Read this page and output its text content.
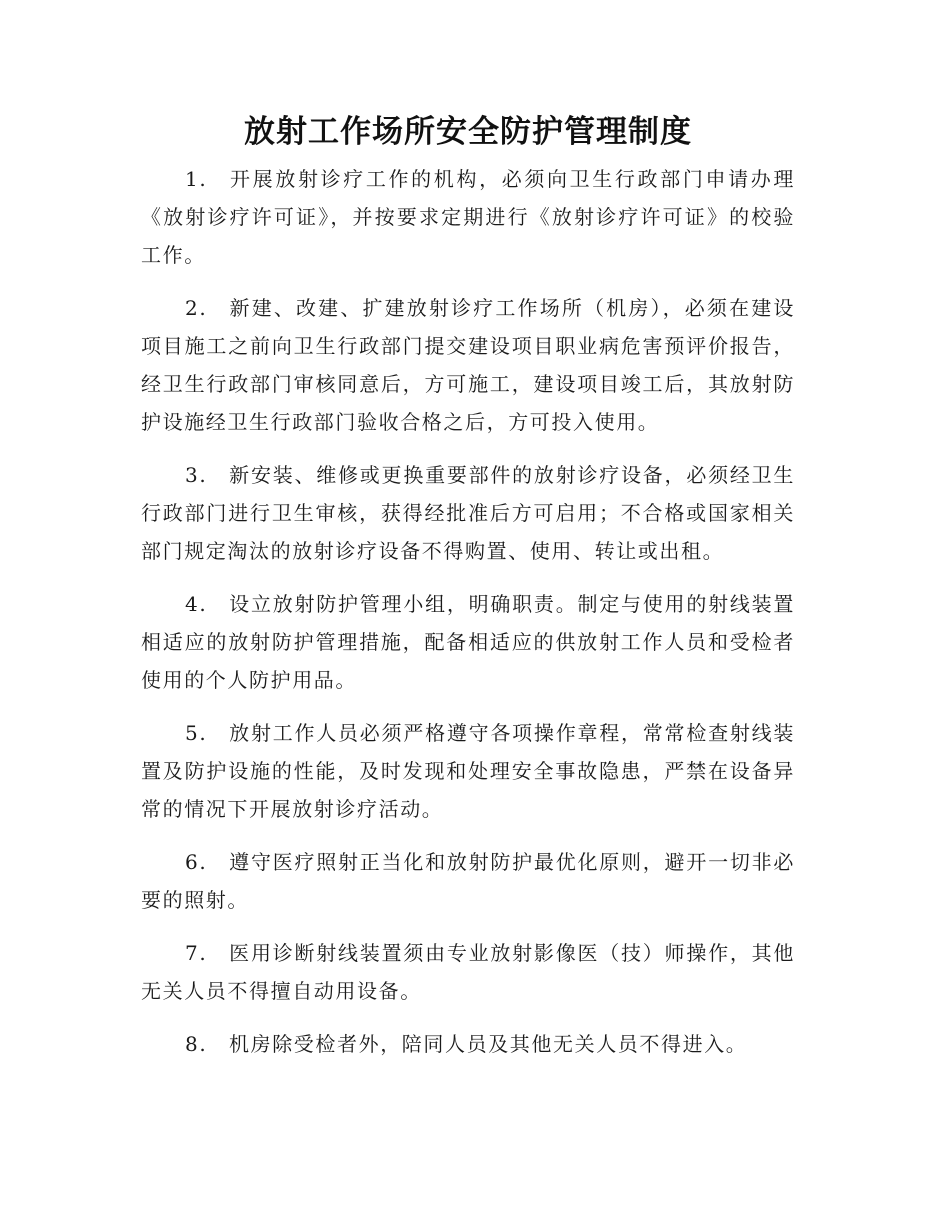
放射工作场所安全防护管理制度

1. 开展放射诊疗工作的机构，必须向卫生行政部门申请办理《放射诊疗许可证》，并按要求定期进行《放射诊疗许可证》的校验工作。

2. 新建、改建、扩建放射诊疗工作场所（机房），必须在建设项目施工之前向卫生行政部门提交建设项目职业病危害预评价报告，经卫生行政部门审核同意后，方可施工，建设项目竣工后，其放射防护设施经卫生行政部门验收合格之后，方可投入使用。

3. 新安装、维修或更换重要部件的放射诊疗设备，必须经卫生行政部门进行卫生审核，获得经批准后方可启用；不合格或国家相关部门规定淘汰的放射诊疗设备不得购置、使用、转让或出租。

4. 设立放射防护管理小组，明确职责。制定与使用的射线装置相适应的放射防护管理措施，配备相适应的供放射工作人员和受检者使用的个人防护用品。

5. 放射工作人员必须严格遵守各项操作章程，常常检查射线装置及防护设施的性能，及时发现和处理安全事故隐患，严禁在设备异常的情况下开展放射诊疗活动。

6. 遵守医疗照射正当化和放射防护最优化原则，避开一切非必要的照射。

7. 医用诊断射线装置须由专业放射影像医（技）师操作，其他无关人员不得擅自动用设备。

8. 机房除受检者外，陪同人员及其他无关人员不得进入。
